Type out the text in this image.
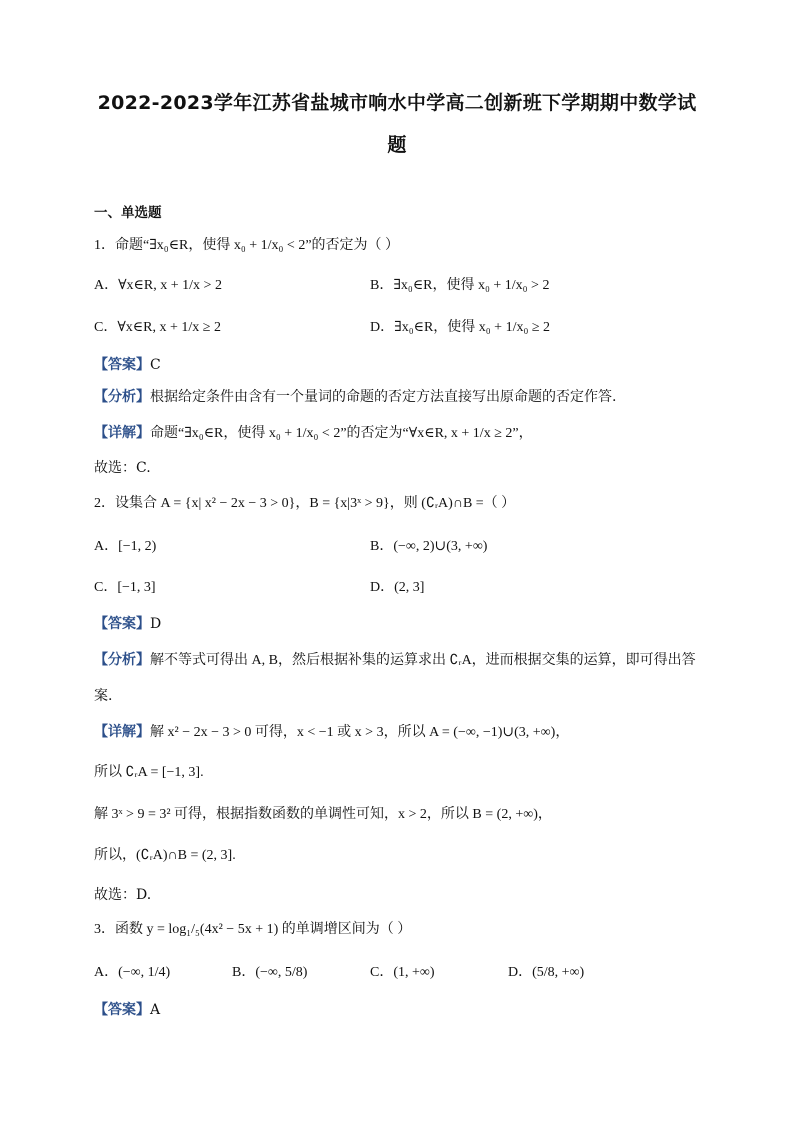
2022-2023学年江苏省盐城市响水中学高二创新班下学期期中数学试
题
一、单选题
1．命题“∃x₀∈R，使得 x₀ + 1/x₀ < 2”的否定为（ ）
A．∀x∈R, x + 1/x > 2	B．∃x₀∈R，使得 x₀ + 1/x₀ > 2
C．∀x∈R, x + 1/x ≥ 2	D．∃x₀∈R，使得 x₀ + 1/x₀ ≥ 2
【答案】C
【分析】根据给定条件由含有一个量词的命题的否定方法直接写出原命题的否定作答.
【详解】命题“∃x₀∈R，使得 x₀ + 1/x₀ < 2”的否定为“∀x∈R, x + 1/x ≥ 2”，
故选：C.
2．设集合 A = {x| x² − 2x − 3 > 0}，B = {x|3ˣ > 9}，则 (∁ᵣA)∩B =（ ）
A．[−1, 2)	B．(−∞, 2)∪(3, +∞)
C．[−1, 3]	D．(2, 3]
【答案】D
【分析】解不等式可得出 A, B，然后根据补集的运算求出 ∁ᵣA，进而根据交集的运算，即可得出答
案.
【详解】解 x² − 2x − 3 > 0 可得，x < −1 或 x > 3，所以 A = (−∞, −1)∪(3, +∞)，
所以 ∁ᵣA = [−1, 3].
解 3ˣ > 9 = 3² 可得，根据指数函数的单调性可知，x > 2，所以 B = (2, +∞)，
所以，(∁ᵣA)∩B = (2, 3].
故选：D.
3．函数 y = log₁/₅(4x² − 5x + 1) 的单调增区间为（ ）
A．(−∞, 1/4)	B．(−∞, 5/8)	C．(1, +∞)	D．(5/8, +∞)
【答案】A
